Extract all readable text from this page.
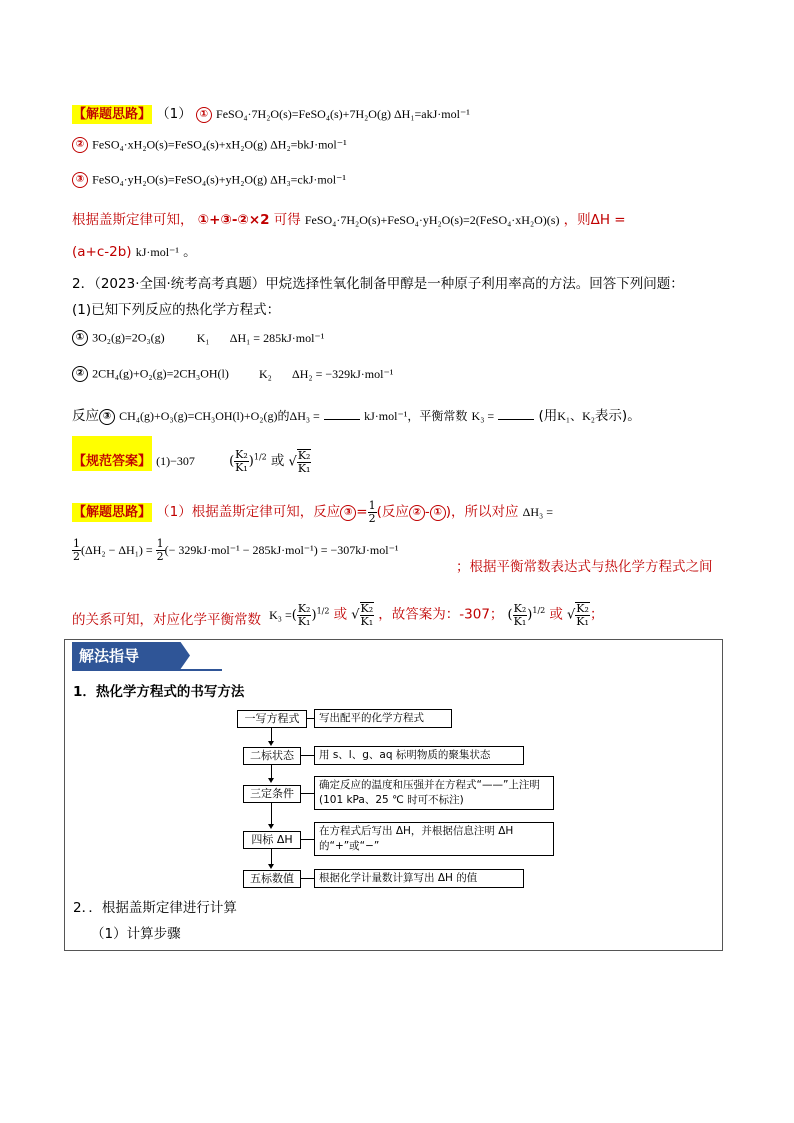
【解题思路】 （1） ① FeSO₄·7H₂O(s)=FeSO₄(s)+7H₂O(g) ΔH₁=akJ·mol⁻¹
② FeSO₄·xH₂O(s)=FeSO₄(s)+xH₂O(g) ΔH₂=bkJ·mol⁻¹
③ FeSO₄·yH₂O(s)=FeSO₄(s)+yH₂O(g) ΔH₃=ckJ·mol⁻¹
根据盖斯定律可知， ①+③-②×2 可得 FeSO₄·7H₂O(s)+FeSO₄·yH₂O(s)=2(FeSO₄·xH₂O)(s) ，则ΔH =
(a+c-2b) kJ·mol⁻¹ 。
2．（2023·全国·统考高考真题）甲烷选择性氧化制备甲醇是一种原子利用率高的方法。回答下列问题：
(1)已知下列反应的热化学方程式：
① 3O₂(g)=2O₃(g)	K₁ ΔH₁ = 285kJ·mol⁻¹
② 2CH₄(g)+O₂(g)=2CH₃OH(l)	K₂ ΔH₂ = −329kJ·mol⁻¹
反应 ③ CH₄(g)+O₃(g)=CH₃OH(l)+O₂(g)的ΔH₃ =	kJ·mol⁻¹，平衡常数 K₃ =	(用K₁、K₂表示)。
【规范答案】 (1)−307	( $\frac{\text{K₂}}{\text{K₁}} )^{1/2}$ 或 √ $\frac{\text{K₂}}{\text{K₁}}$
【解题思路】 （1）根据盖斯定律可知，反应 ③ = $\frac{1}{2}$ (反应 ② - ① )，所以对应 ΔH₃ =
$\frac{1}{2} (\Delta H_2 - \Delta H_1) = \frac{1}{2}$ (− 329kJ·mol⁻¹ − 285kJ·mol⁻¹) = −307kJ·mol⁻¹
；根据平衡常数表达式与热化学方程式之间
的关系可知，对应化学平衡常数 K₃ =( $\frac{\text{K₂}}{\text{K₁}} )^{1/2}$ 或 √ $\frac{\text{K₂}}{\text{K₁}}$ ，故答案为：-307； ( $\frac{\text{K₂}}{\text{K₁}} )^{1/2}$ 或 √ $\frac{\text{K₂}}{\text{K₁}}$ ；
解法指导
1．热化学方程式的书写方法
一写方程式	写出配平的化学方程式
二标状态	用 s、l、g、aq 标明物质的聚集状态
三定条件
确定反应的温度和压强并在方程式“——”上注明(101 kPa、25 ℃ 时可不标注)
四标 ΔH
在方程式后写出 ΔH，并根据信息注明 ΔH 的“+”或“−”
五标数值	根据化学计量数计算写出 ΔH 的值
2．．根据盖斯定律进行计算
（1）计算步骤
